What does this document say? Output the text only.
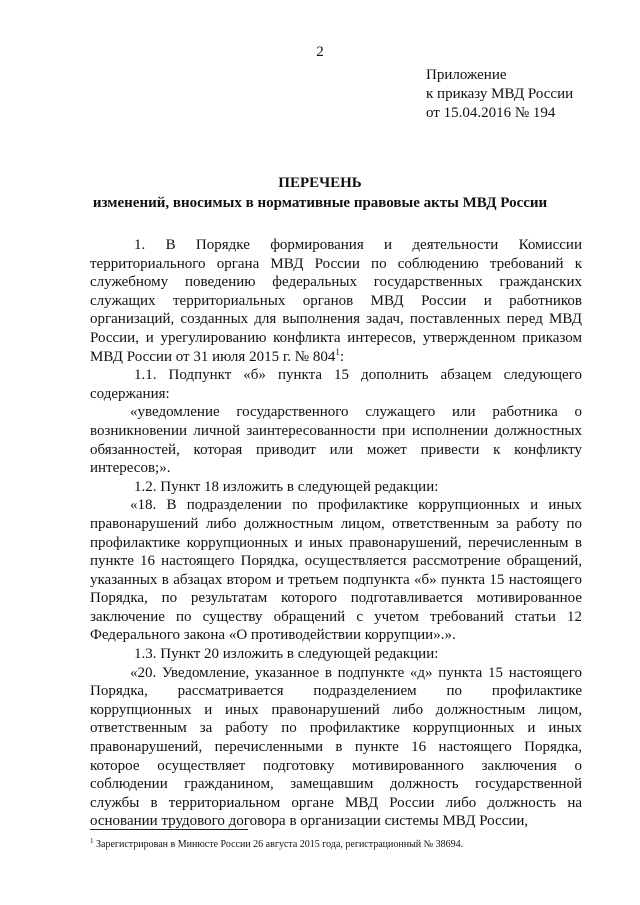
2
Приложение
к приказу МВД России
от 15.04.2016 № 194
ПЕРЕЧЕНЬ
изменений, вносимых в нормативные правовые акты МВД России

1. В Порядке формирования и деятельности Комиссии территориального органа МВД России по соблюдению требований к служебному поведению федеральных государственных гражданских служащих территориальных органов МВД России и работников организаций, созданных для выполнения задач, поставленных перед МВД России, и урегулированию конфликта интересов, утвержденном приказом МВД России от 31 июля 2015 г. № $804^1$:

1.1. Подпункт «б» пункта 15 дополнить абзацем следующего содержания:

«уведомление государственного служащего или работника о возникновении личной заинтересованности при исполнении должностных обязанностей, которая приводит или может привести к конфликту интересов;».

1.2. Пункт 18 изложить в следующей редакции:

«18. В подразделении по профилактике коррупционных и иных правонарушений либо должностным лицом, ответственным за работу по профилактике коррупционных и иных правонарушений, перечисленным в пункте 16 настоящего Порядка, осуществляется рассмотрение обращений, указанных в абзацах втором и третьем подпункта «б» пункта 15 настоящего Порядка, по результатам которого подготавливается мотивированное заключение по существу обращений с учетом требований статьи 12 Федерального закона «О противодействии коррупции».».

1.3. Пункт 20 изложить в следующей редакции:

«20. Уведомление, указанное в подпункте «д» пункта 15 настоящего Порядка, рассматривается подразделением по профилактике коррупционных и иных правонарушений либо должностным лицом, ответственным за работу по профилактике коррупционных и иных правонарушений, перечисленными в пункте 16 настоящего Порядка, которое осуществляет подготовку мотивированного заключения о соблюдении гражданином, замещавшим должность государственной службы в территориальном органе МВД России либо должность на основании трудового договора в организации системы МВД России,

$^1$ Зарегистрирован в Минюсте России 26 августа 2015 года, регистрационный № 38694.
